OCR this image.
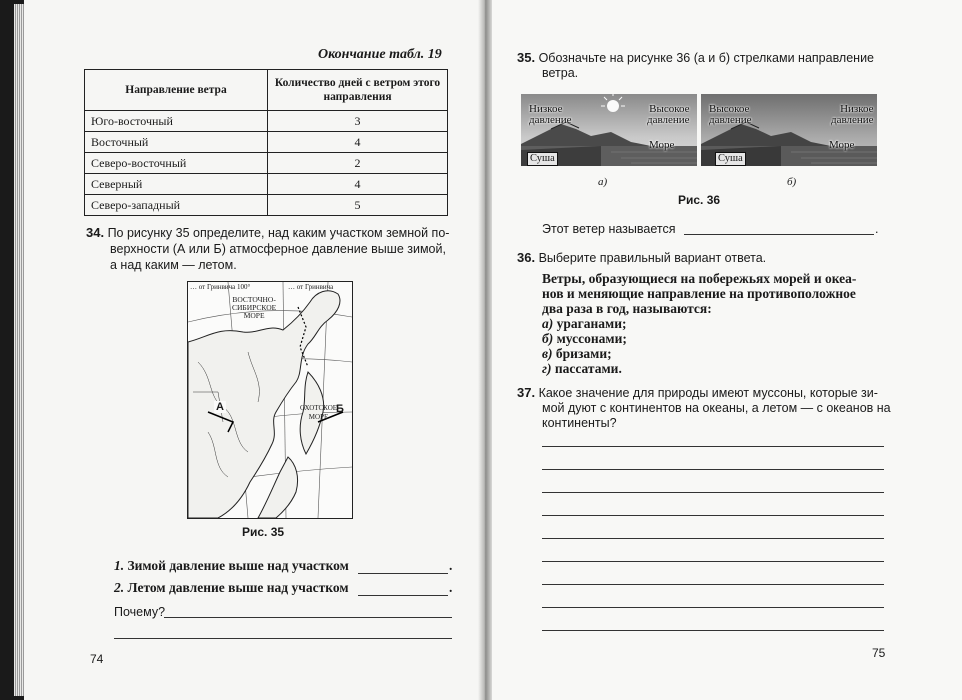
Окончание табл. 19
Направление ветра	Количество дней с ветром этого направления
Юго-восточный	3
Восточный	4
Северо-восточный	2
Северный	4
Северо-западный	5
34. По рисунку 35 определите, над каким участком земной по-
верхности (А или Б) атмосферное давление выше зимой,
а над каким — летом.
… от Гринвича 100°	… от Гринвича
ВОСТОЧНО-
СИБИРСКОЕ
МОРЕ
ОХОТСКОЕ
МОРЕ
А	Б
Рис. 35
1. Зимой давление выше над участком	.
2. Летом давление выше над участком	.
Почему?
74
35. Обозначьте на рисунке 36 (а и б) стрелками направление
ветра.
Низкое
давление
Высокое
давление
Море
Суша
Высокое
давление
Низкое
давление
Море
Суша
а)	б)
Рис. 36
Этот ветер называется	.
36. Выберите правильный вариант ответа.
Ветры, образующиеся на побережьях морей и океа-
нов и меняющие направление на противоположное
два раза в год, называются:
а) ураганами;
б) муссонами;
в) бризами;
г) пассатами.
37. Какое значение для природы имеют муссоны, которые зи-
мой дуют с континентов на океаны, а летом — с океанов на
континенты?
75
